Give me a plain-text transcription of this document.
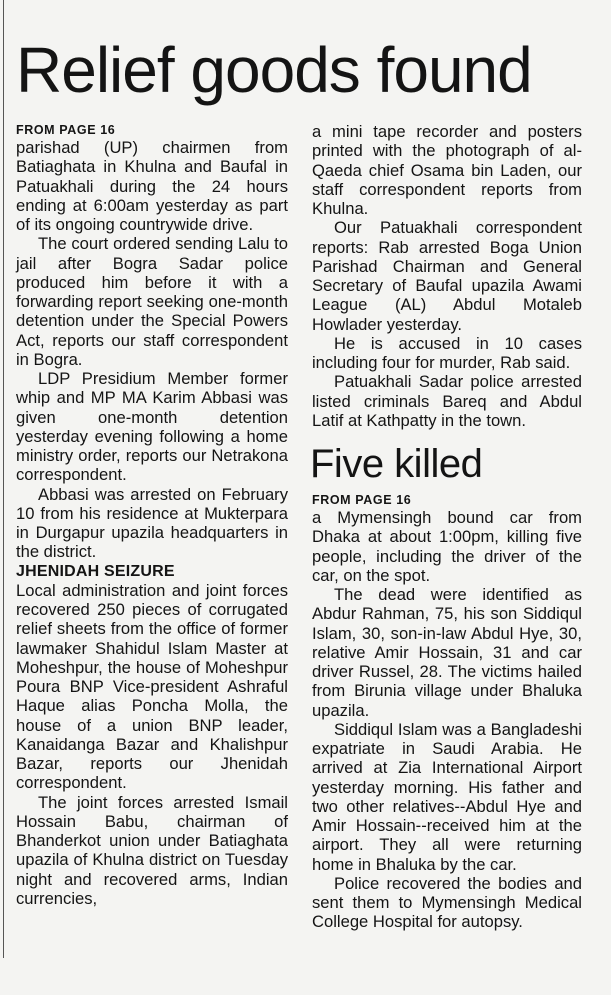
Relief goods found

FROM PAGE 16

parishad (UP) chairmen from Batiaghata in Khulna and Baufal in Patuakhali during the 24 hours ending at 6:00am yesterday as part of its ongoing countrywide drive.

The court ordered sending Lalu to jail after Bogra Sadar police produced him before it with a forwarding report seeking one-month detention under the Special Powers Act, reports our staff correspondent in Bogra.

LDP Presidium Member former whip and MP MA Karim Abbasi was given one-month detention yesterday evening following a home ministry order, reports our Netrakona correspondent.

Abbasi was arrested on February 10 from his residence at Mukterpara in Durgapur upazila headquarters in the district.

JHENIDAH SEIZURE

Local administration and joint forces recovered 250 pieces of corrugated relief sheets from the office of former lawmaker Shahidul Islam Master at Moheshpur, the house of Moheshpur Poura BNP Vice-president Ashraful Haque alias Poncha Molla, the house of a union BNP leader, Kanaidanga Bazar and Khalishpur Bazar, reports our Jhenidah correspondent.

The joint forces arrested Ismail Hossain Babu, chairman of Bhanderkot union under Batiaghata upazila of Khulna district on Tuesday night and recovered arms, Indian currencies,

a mini tape recorder and posters printed with the photograph of al-Qaeda chief Osama bin Laden, our staff correspondent reports from Khulna.

Our Patuakhali correspondent reports: Rab arrested Boga Union Parishad Chairman and General Secretary of Baufal upazila Awami League (AL) Abdul Motaleb Howlader yesterday.

He is accused in 10 cases including four for murder, Rab said.

Patuakhali Sadar police arrested listed criminals Bareq and Abdul Latif at Kathpatty in the town.

Five killed

FROM PAGE 16

a Mymensingh bound car from Dhaka at about 1:00pm, killing five people, including the driver of the car, on the spot.

The dead were identified as Abdur Rahman, 75, his son Siddiqul Islam, 30, son-in-law Abdul Hye, 30, relative Amir Hossain, 31 and car driver Russel, 28. The victims hailed from Birunia village under Bhaluka upazila.

Siddiqul Islam was a Bangladeshi expatriate in Saudi Arabia. He arrived at Zia International Airport yesterday morning. His father and two other relatives--Abdul Hye and Amir Hossain--received him at the airport. They all were returning home in Bhaluka by the car.

Police recovered the bodies and sent them to Mymensingh Medical College Hospital for autopsy.
